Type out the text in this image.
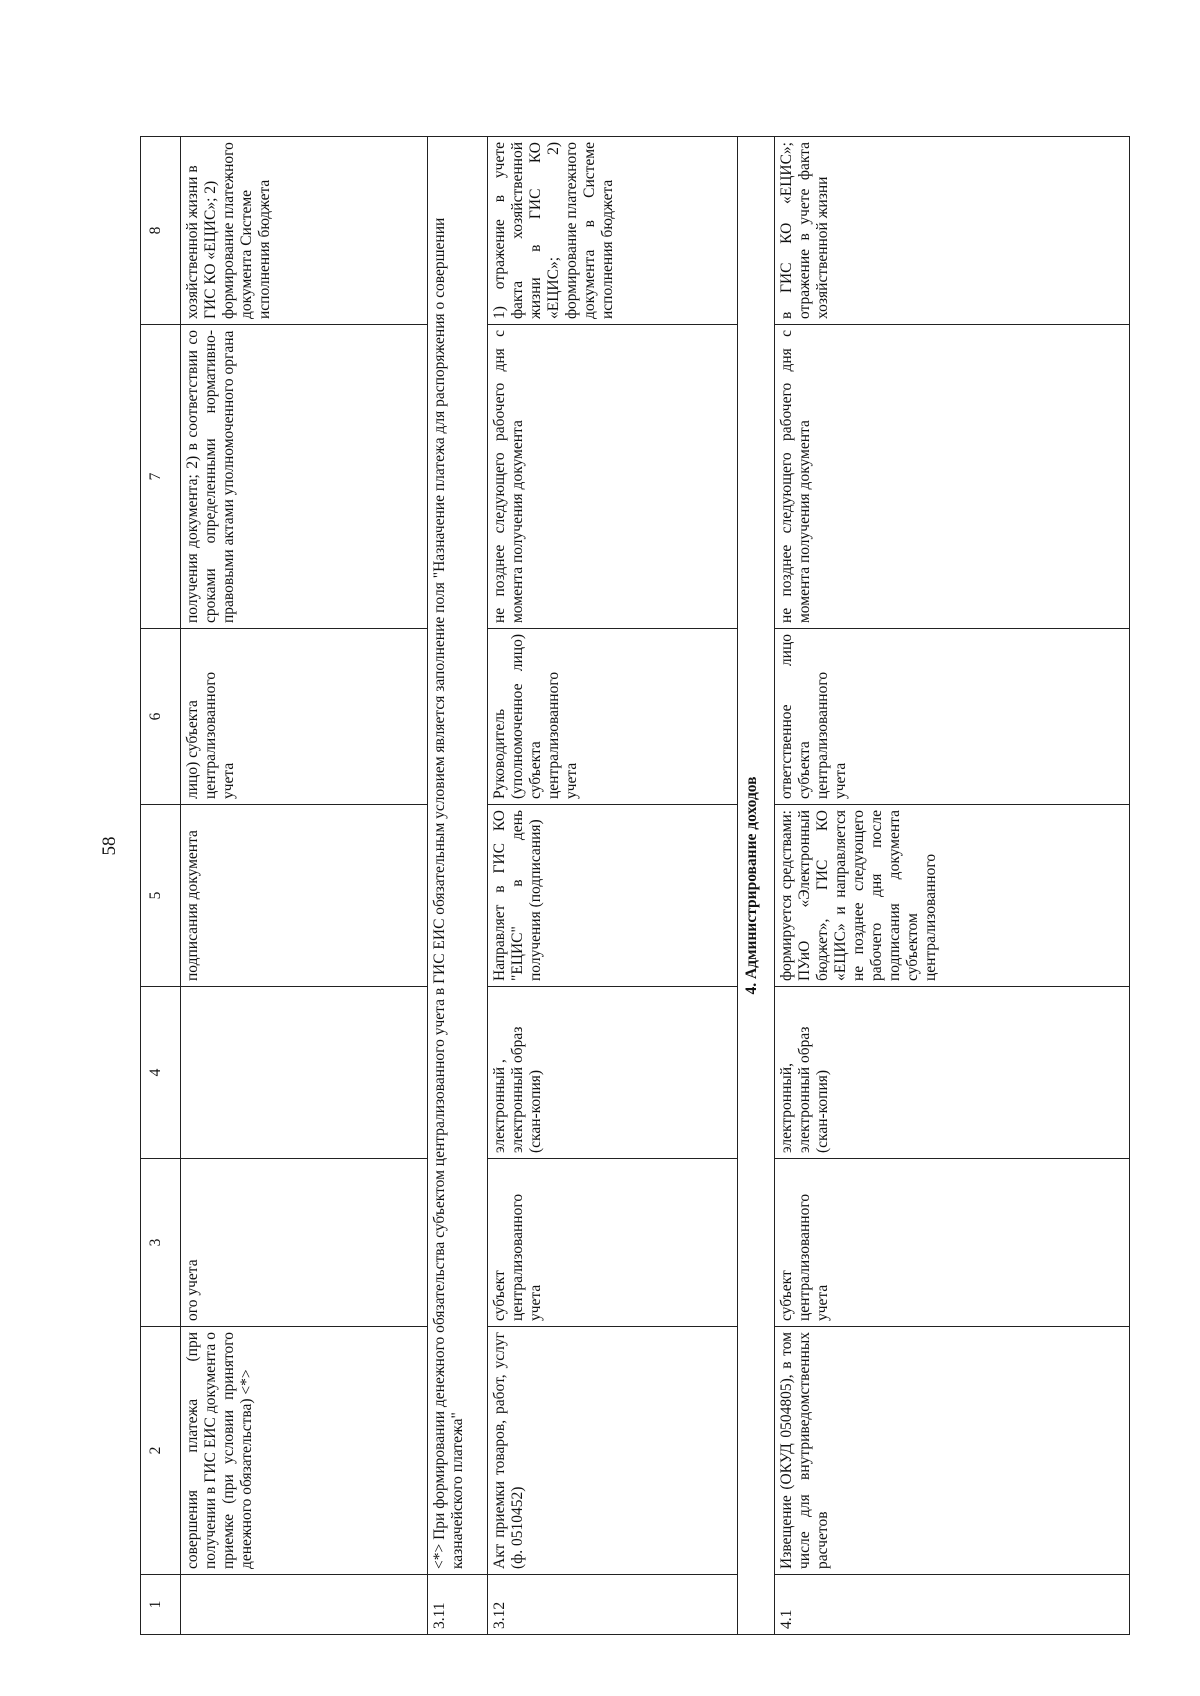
58
1	2	3	4	5	6	7	8
	совершения платежа (при получении в ГИС ЕИС документа о приемке (при условии принятого денежного обязательства) <*>	ого учета		подписания документа	лицо) субъекта централизованного учета	получения документа; 2) в соответствии со сроками определенными нормативно-правовыми актами уполномоченного органа	хозяйственной жизни в ГИС КО «ЕЦИС»; 2) формирование платежного документа Системе исполнения бюджета
3.11	<*> При формировании денежного обязательства субъектом централизованного учета в ГИС ЕИС обязательным условием является заполнение поля "Назначение платежа для распоряжения о совершении казначейского платежа"						
3.12	Акт приемки товаров, работ, услуг (ф. 0510452)	субъект централизованного учета	электронный , электронный образ (скан-копия)	Направляет в ГИС КО "ЕЦИС" в день получения (подписания)	Руководитель (уполномоченное лицо) субъекта централизованного учета	не позднее следующего рабочего дня с момента получения документа	1) отражение в учете факта хозяйственной жизни в ГИС КО «ЕЦИС»; 2) формирование платежного документа в Системе исполнения бюджета
4. Администрирование доходов							
4.1	Извещение (ОКУД 0504805), в том числе для внутриведомственных расчетов	субъект централизованного учета	электронный, электронный образ (скан-копия)	формируется средствами: ПУиО «Электронный бюджет», ГИС КО «ЕЦИС» и направляется не позднее следующего рабочего дня после подписания документа субъектом централизованного	ответственное лицо субъекта централизованного учета	не позднее следующего рабочего дня с момента получения документа	в ГИС КО «ЕЦИС»; отражение в учете факта хозяйственной жизни
